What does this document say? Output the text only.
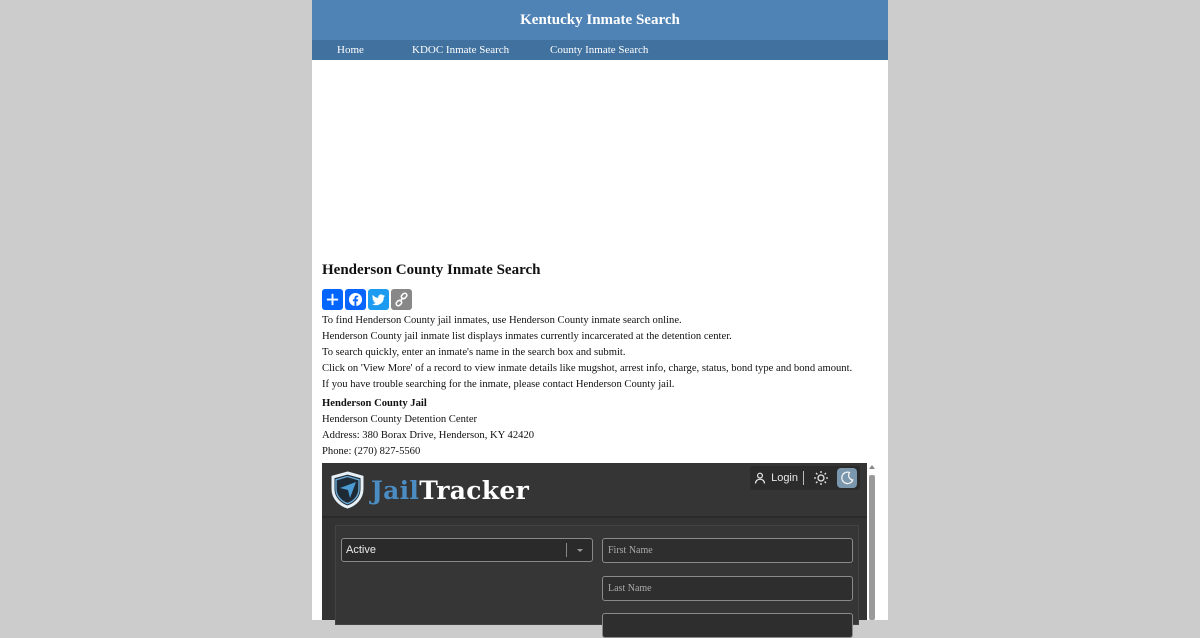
Kentucky Inmate Search
Home	KDOC Inmate Search	County Inmate Search
Henderson County Inmate Search

To find Henderson County jail inmates, use Henderson County inmate search online.

Henderson County jail inmate list displays inmates currently incarcerated at the detention center.

To search quickly, enter an inmate's name in the search box and submit.

Click on 'View More' of a record to view inmate details like mugshot, arrest info, charge, status, bond type and bond amount.

If you have trouble searching for the inmate, please contact Henderson County jail.

Henderson County Jail

Henderson County Detention Center

Address: 380 Borax Drive, Henderson, KY 42420

Phone: (270) 827-5560

JailTracker	Login
Active	First Name
Last Name
